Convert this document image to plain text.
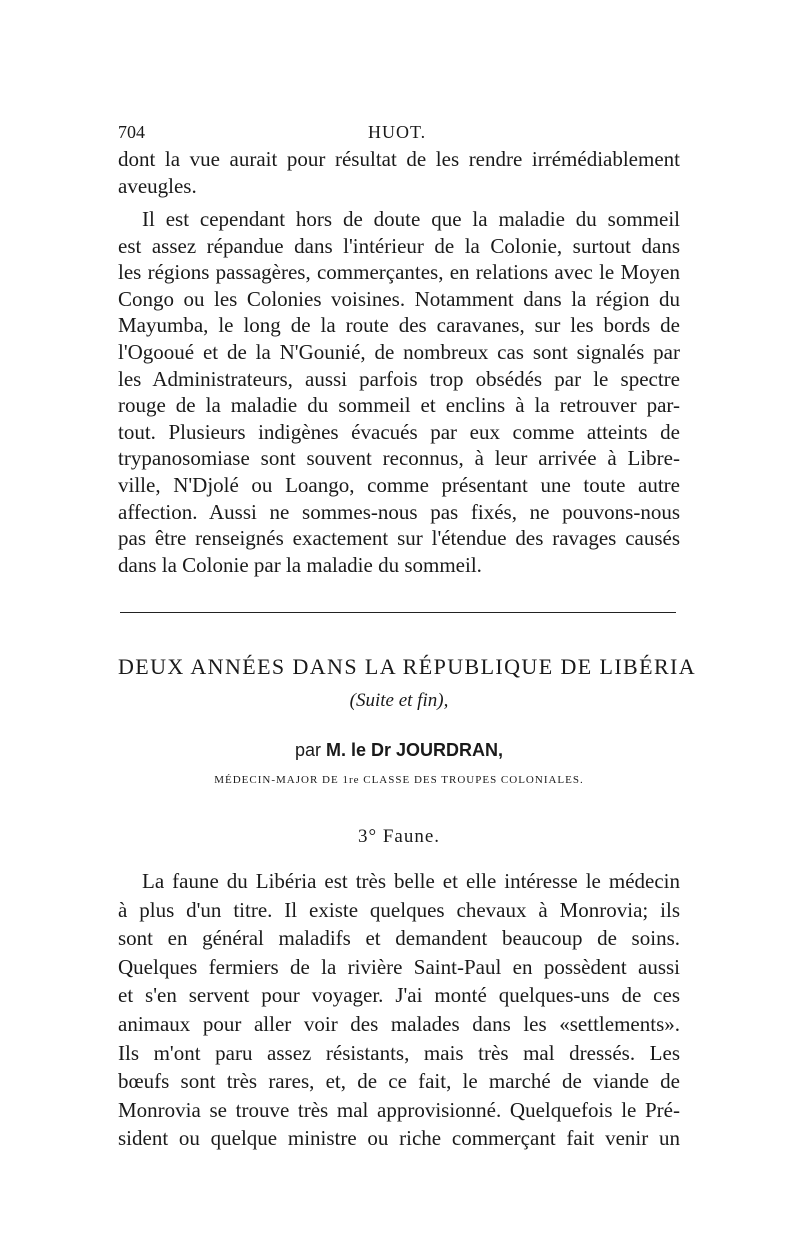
704	HUOT.
dont la vue aurait pour résultat de les rendre irrémédiablement
aveugles.
Il est cependant hors de doute que la maladie du sommeil
est assez répandue dans l'intérieur de la Colonie, surtout dans
les régions passagères, commerçantes, en relations avec le Moyen
Congo ou les Colonies voisines. Notamment dans la région du
Mayumba, le long de la route des caravanes, sur les bords de
l'Ogooué et de la N'Gounié, de nombreux cas sont signalés par
les Administrateurs, aussi parfois trop obsédés par le spectre
rouge de la maladie du sommeil et enclins à la retrouver par-
tout. Plusieurs indigènes évacués par eux comme atteints de
trypanosomiase sont souvent reconnus, à leur arrivée à Libre-
ville, N'Djolé ou Loango, comme présentant une toute autre
affection. Aussi ne sommes-nous pas fixés, ne pouvons-nous
pas être renseignés exactement sur l'étendue des ravages causés
dans la Colonie par la maladie du sommeil.
DEUX ANNÉES DANS LA RÉPUBLIQUE DE LIBÉRIA
(Suite et fin),
par M. le Dr JOURDRAN,
MÉDECIN-MAJOR DE 1re CLASSE DES TROUPES COLONIALES.
3° Faune.
La faune du Libéria est très belle et elle intéresse le médecin
à plus d'un titre. Il existe quelques chevaux à Monrovia; ils
sont en général maladifs et demandent beaucoup de soins.
Quelques fermiers de la rivière Saint-Paul en possèdent aussi
et s'en servent pour voyager. J'ai monté quelques-uns de ces
animaux pour aller voir des malades dans les «settlements».
Ils m'ont paru assez résistants, mais très mal dressés. Les
bœufs sont très rares, et, de ce fait, le marché de viande de
Monrovia se trouve très mal approvisionné. Quelquefois le Pré-
sident ou quelque ministre ou riche commerçant fait venir un
